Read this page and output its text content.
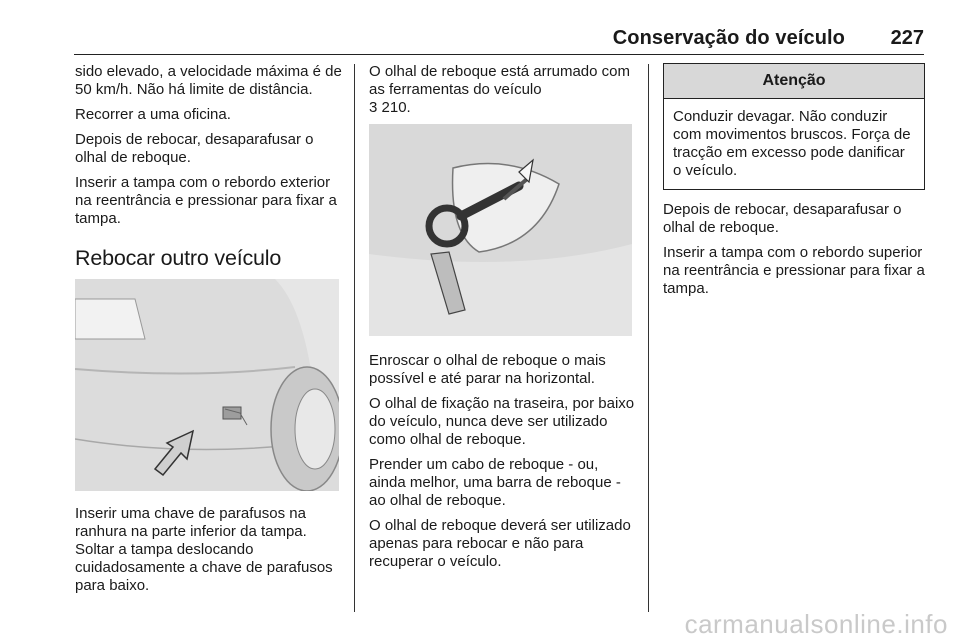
Conservação do veículo 227

sido elevado, a velocidade máxima é de 50 km/h. Não há limite de distância.

Recorrer a uma oficina.

Depois de rebocar, desaparafusar o olhal de reboque.

Inserir a tampa com o rebordo exterior na reentrância e pressionar para fixar a tampa.

Rebocar outro veículo

Inserir uma chave de parafusos na ranhura na parte inferior da tampa. Soltar a tampa deslocando cuidadosamente a chave de parafusos para baixo.

O olhal de reboque está arrumado com as ferramentas do veículo
3 210.

Enroscar o olhal de reboque o mais possível e até parar na horizontal.

O olhal de fixação na traseira, por baixo do veículo, nunca deve ser utilizado como olhal de reboque.

Prender um cabo de reboque - ou, ainda melhor, uma barra de reboque - ao olhal de reboque.

O olhal de reboque deverá ser utilizado apenas para rebocar e não para recuperar o veículo.

Atenção
Conduzir devagar. Não conduzir com movimentos bruscos. Força de tracção em excesso pode danificar o veículo.

Depois de rebocar, desaparafusar o olhal de reboque.

Inserir a tampa com o rebordo superior na reentrância e pressionar para fixar a tampa.

carmanualsonline.info
